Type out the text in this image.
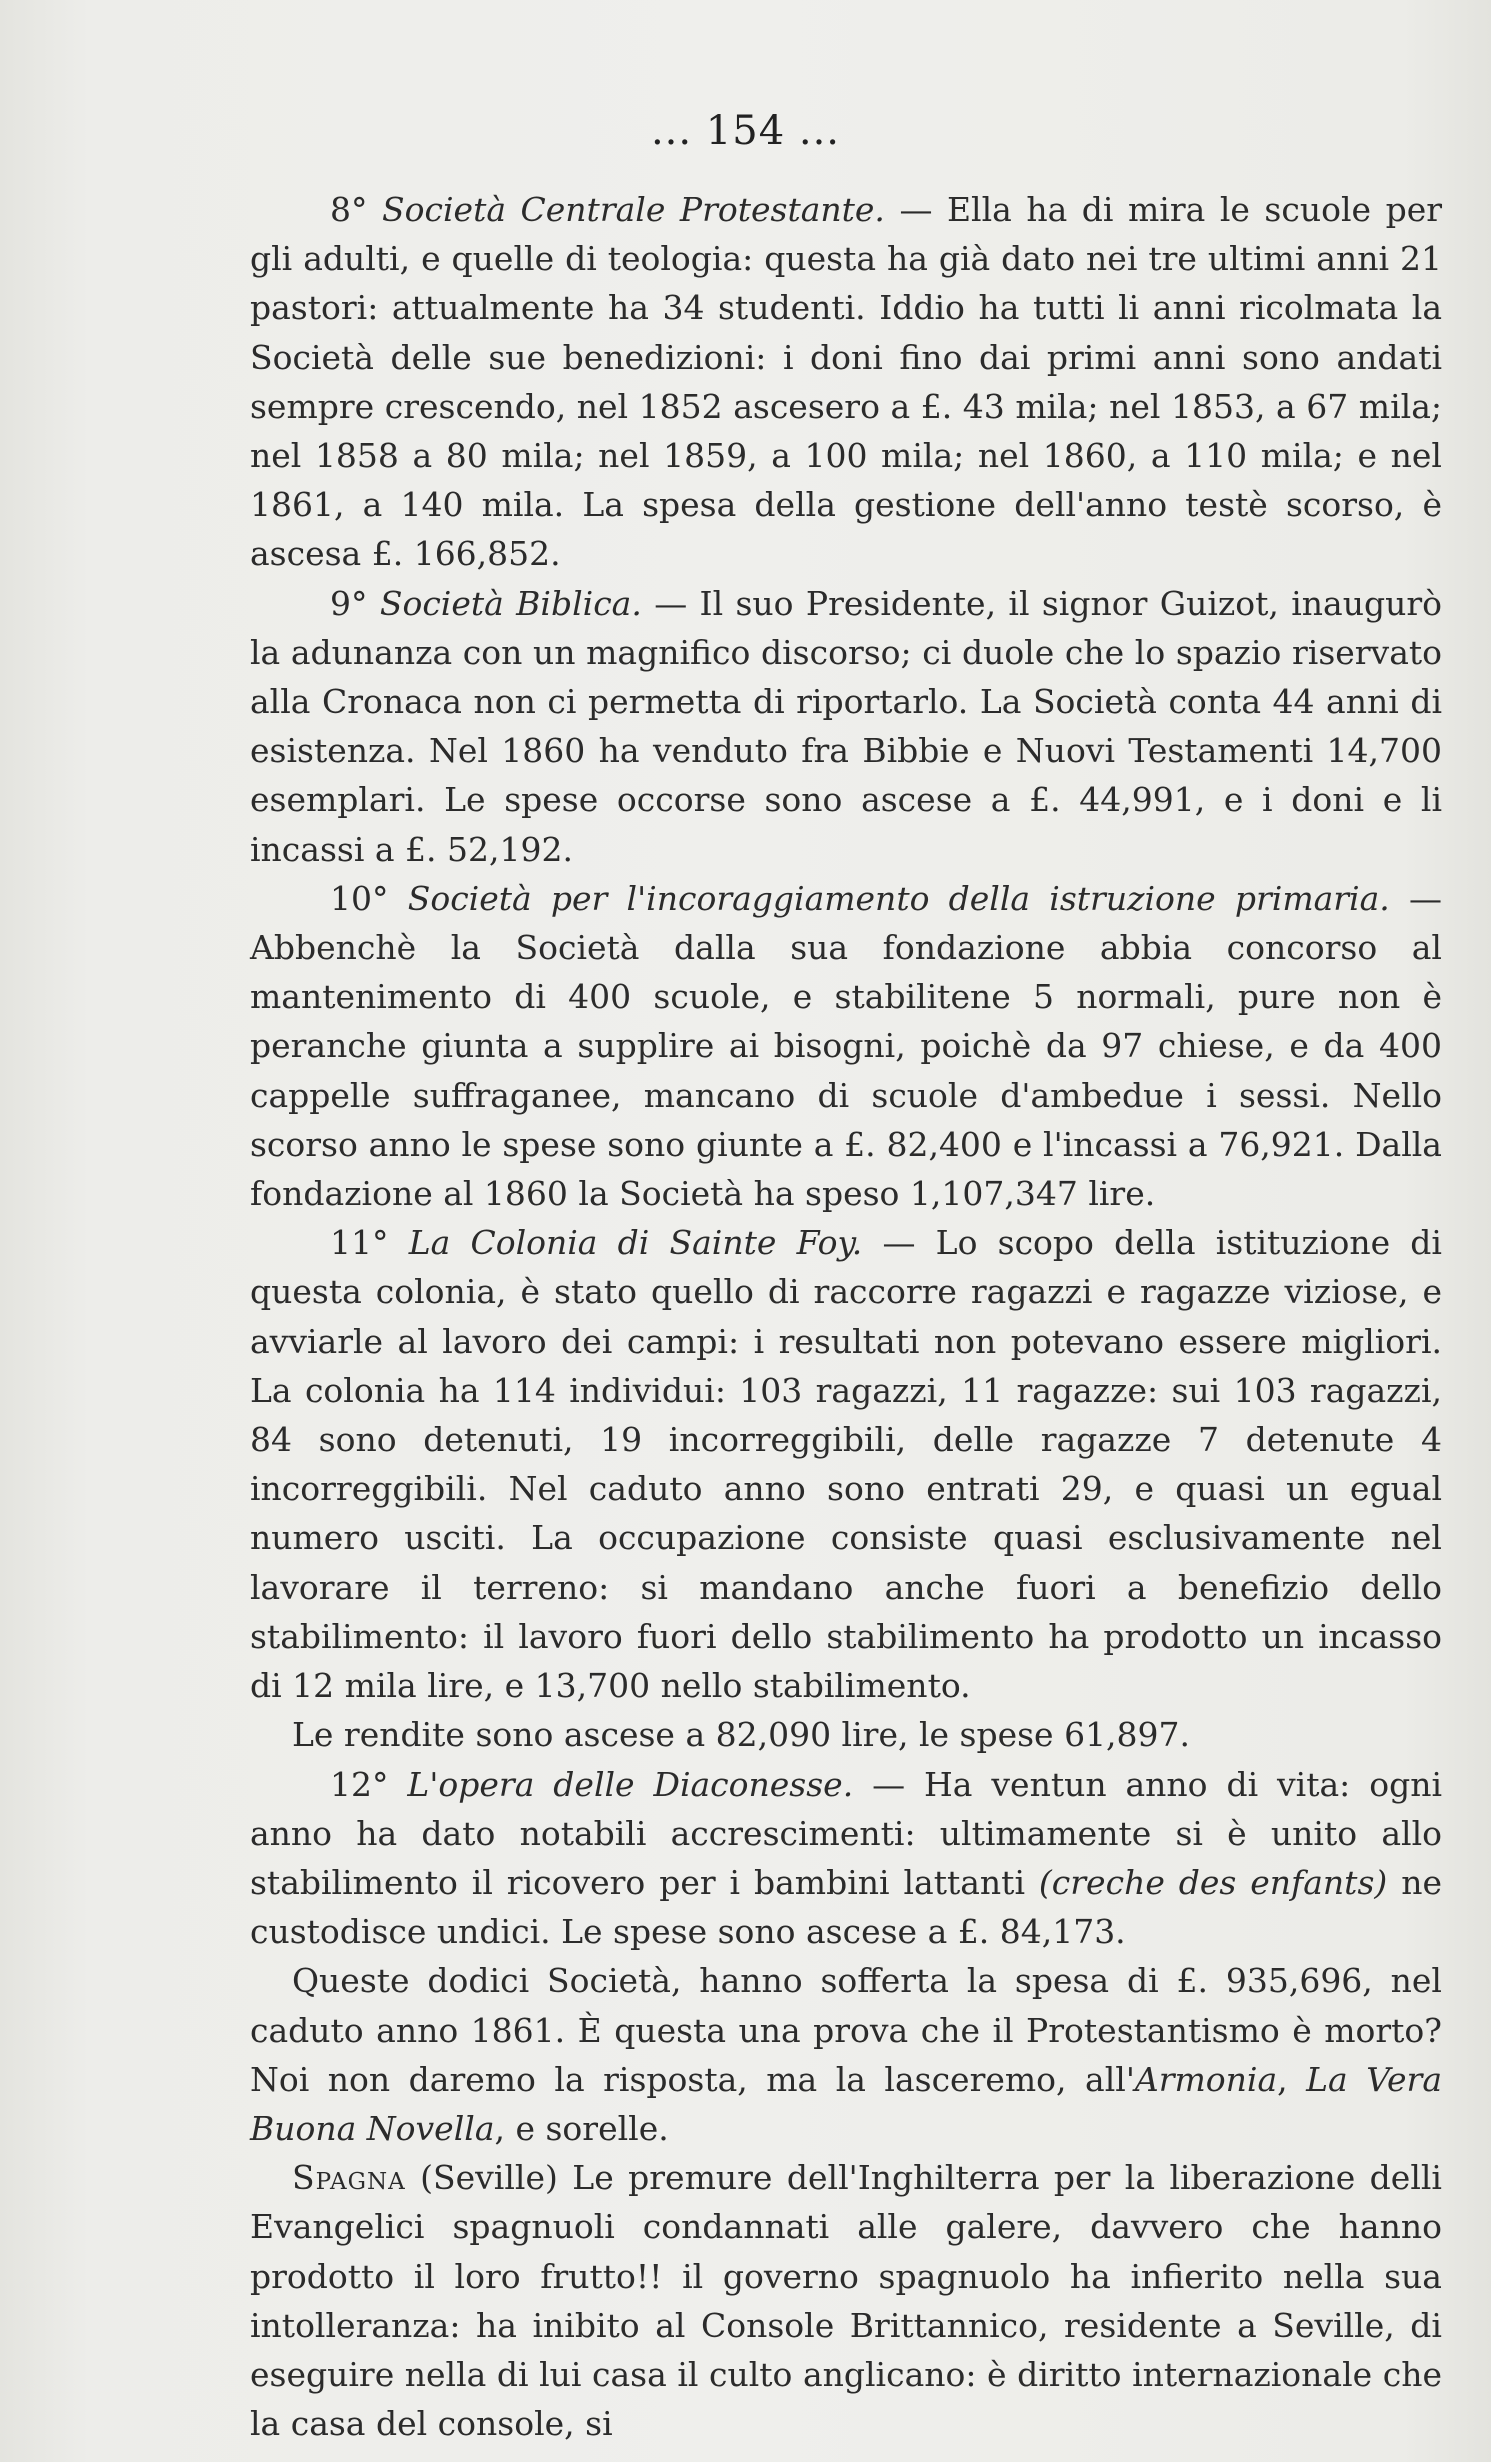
... 154 ...

8° Società Centrale Protestante. — Ella ha di mira le scuole per gli adulti, e quelle di teologia: questa ha già dato nei tre ultimi anni 21 pastori: attualmente ha 34 studenti. Iddio ha tutti li anni ricolmata la Società delle sue benedizioni: i doni fino dai primi anni sono andati sempre crescendo, nel 1852 ascesero a £. 43 mila; nel 1853, a 67 mila; nel 1858 a 80 mila; nel 1859, a 100 mila; nel 1860, a 110 mila; e nel 1861, a 140 mila. La spesa della gestione dell'anno testè scorso, è ascesa £. 166,852.

9° Società Biblica. — Il suo Presidente, il signor Guizot, inaugurò la adunanza con un magnifico discorso; ci duole che lo spazio riservato alla Cronaca non ci permetta di riportarlo. La Società conta 44 anni di esistenza. Nel 1860 ha venduto fra Bibbie e Nuovi Testamenti 14,700 esemplari. Le spese occorse sono ascese a £. 44,991, e i doni e li incassi a £. 52,192.

10° Società per l'incoraggiamento della istruzione primaria. — Abbenchè la Società dalla sua fondazione abbia concorso al mantenimento di 400 scuole, e stabilitene 5 normali, pure non è peranche giunta a supplire ai bisogni, poichè da 97 chiese, e da 400 cappelle suffraganee, mancano di scuole d'ambedue i sessi. Nello scorso anno le spese sono giunte a £. 82,400 e l'incassi a 76,921. Dalla fondazione al 1860 la Società ha speso 1,107,347 lire.

11° La Colonia di Sainte Foy. — Lo scopo della istituzione di questa colonia, è stato quello di raccorre ragazzi e ragazze viziose, e avviarle al lavoro dei campi: i resultati non potevano essere migliori. La colonia ha 114 individui: 103 ragazzi, 11 ragazze: sui 103 ragazzi, 84 sono detenuti, 19 incorreggibili, delle ragazze 7 detenute 4 incorreggibili. Nel caduto anno sono entrati 29, e quasi un egual numero usciti. La occupazione consiste quasi esclusivamente nel lavorare il terreno: si mandano anche fuori a benefizio dello stabilimento: il lavoro fuori dello stabilimento ha prodotto un incasso di 12 mila lire, e 13,700 nello stabilimento.

Le rendite sono ascese a 82,090 lire, le spese 61,897.

12° L'opera delle Diaconesse. — Ha ventun anno di vita: ogni anno ha dato notabili accrescimenti: ultimamente si è unito allo stabilimento il ricovero per i bambini lattanti (creche des enfants) ne custodisce undici. Le spese sono ascese a £. 84,173.

Queste dodici Società, hanno sofferta la spesa di £. 935,696, nel caduto anno 1861. È questa una prova che il Protestantismo è morto? Noi non daremo la risposta, ma la lasceremo, all'Armonia, La Vera Buona Novella, e sorelle.

Spagna (Seville) Le premure dell'Inghilterra per la liberazione delli Evangelici spagnuoli condannati alle galere, davvero che hanno prodotto il loro frutto!! il governo spagnuolo ha infierito nella sua intolleranza: ha inibito al Console Brittannico, residente a Seville, di eseguire nella di lui casa il culto anglicano: è diritto internazionale che la casa del console, si
